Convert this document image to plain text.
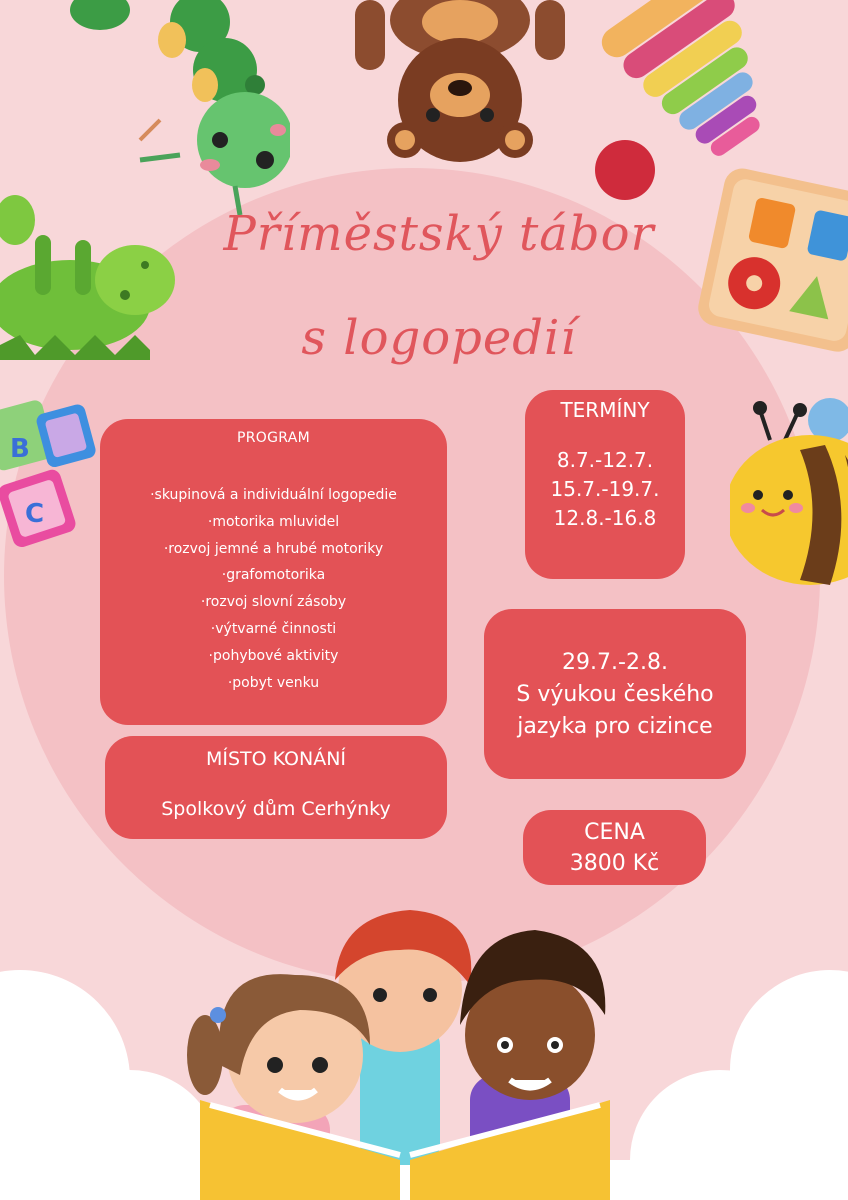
B
C
Příměstský tábor
s logopedií
PROGRAM
· skupinová a individuální logopedie
· motorika mluvidel
· rozvoj jemné a hrubé motoriky
· grafomotorika
· rozvoj slovní zásoby
· výtvarné činnosti
· pohybové aktivity
· pobyt venku
TERMÍNY
8.7.-12.7.
15.7.-19.7.
12.8.-16.8
29.7.-2.8.
S výukou českého
jazyka pro cizince
MÍSTO KONÁNÍ
Spolkový dům Cerhýnky
CENA
3800 Kč
